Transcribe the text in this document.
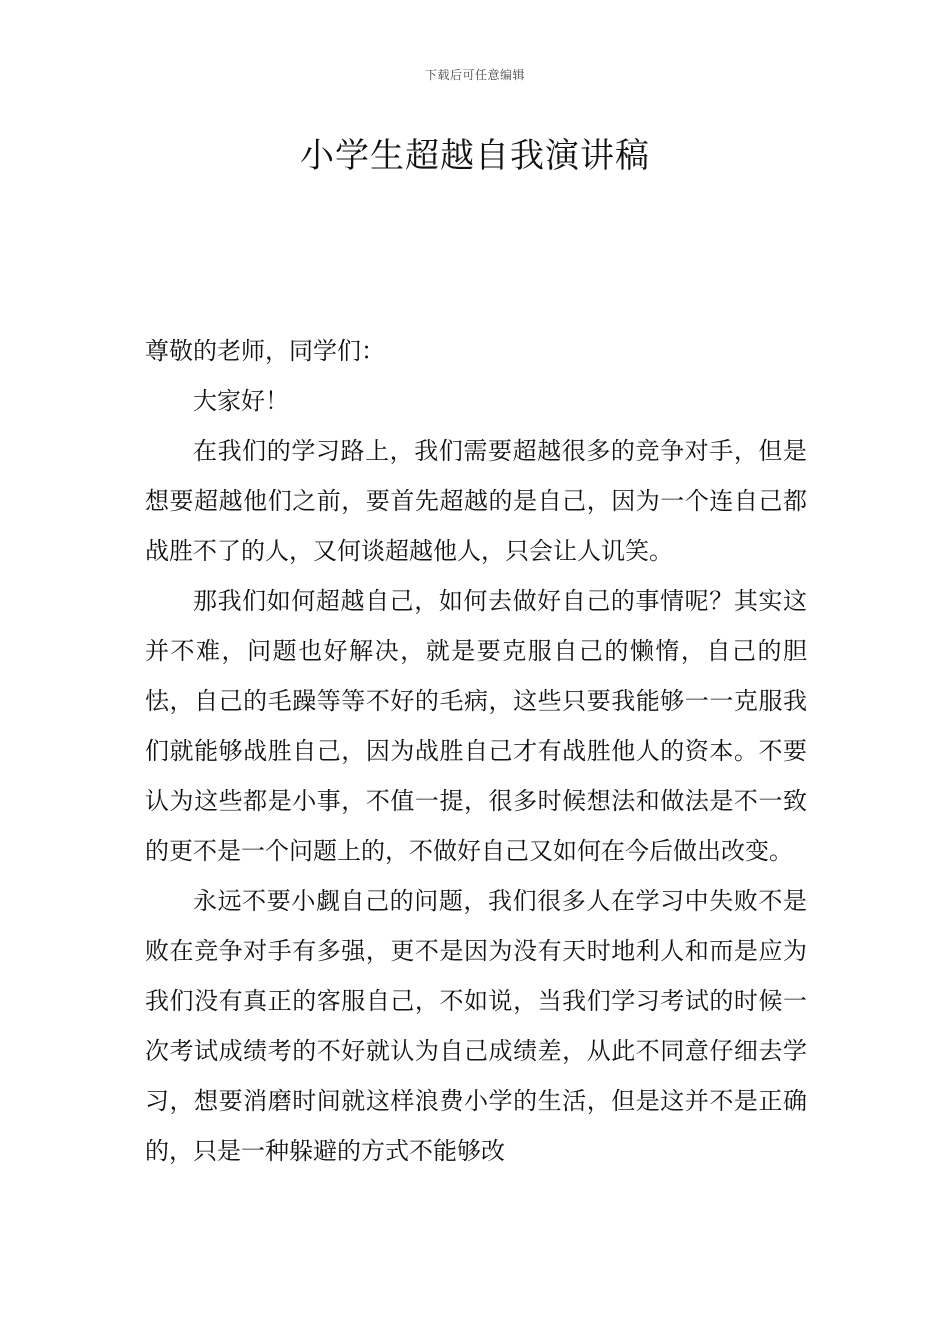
下载后可任意编辑
小学生超越自我演讲稿

尊敬的老师，同学们：

大家好！

在我们的学习路上，我们需要超越很多的竞争对手，但是想要超越他们之前，要首先超越的是自己，因为一个连自己都战胜不了的人，又何谈超越他人，只会让人讥笑。

那我们如何超越自己，如何去做好自己的事情呢？其实这并不难，问题也好解决，就是要克服自己的懒惰，自己的胆怯，自己的毛躁等等不好的毛病，这些只要我能够一一克服我们就能够战胜自己，因为战胜自己才有战胜他人的资本。不要认为这些都是小事，不值一提，很多时候想法和做法是不一致的更不是一个问题上的，不做好自己又如何在今后做出改变。

永远不要小觑自己的问题，我们很多人在学习中失败不是败在竞争对手有多强，更不是因为没有天时地利人和而是应为我们没有真正的客服自己，不如说，当我们学习考试的时候一次考试成绩考的不好就认为自己成绩差，从此不同意仔细去学习，想要消磨时间就这样浪费小学的生活，但是这并不是正确的，只是一种躲避的方式不能够改
